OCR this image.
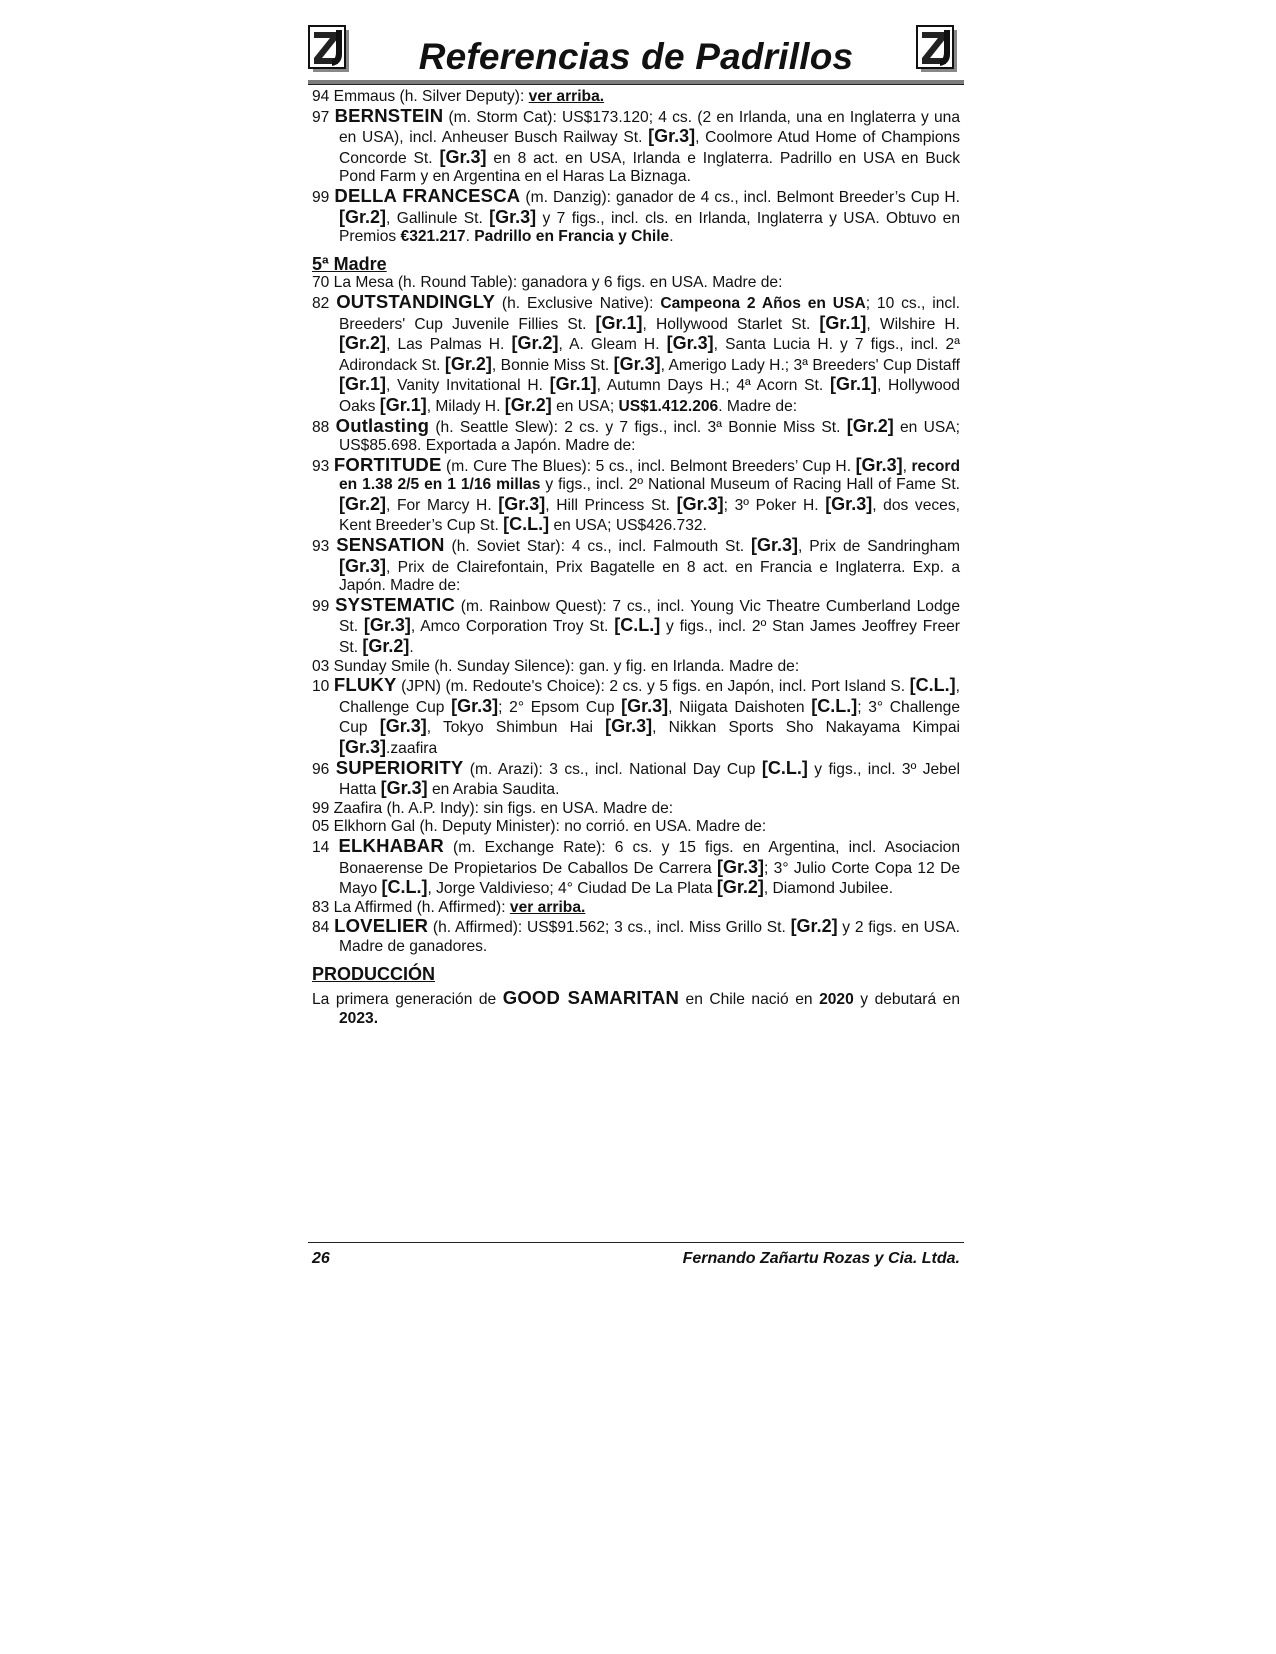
Referencias de Padrillos

94 Emmaus (h. Silver Deputy): ver arriba.

97 BERNSTEIN (m. Storm Cat): US$173.120; 4 cs. (2 en Irlanda, una en Inglaterra y una en USA), incl. Anheuser Busch Railway St. [Gr.3], Coolmore Atud Home of Champions Concorde St. [Gr.3] en 8 act. en USA, Irlanda e Inglaterra. Padrillo en USA en Buck Pond Farm y en Argentina en el Haras La Biznaga.

99 DELLA FRANCESCA (m. Danzig): ganador de 4 cs., incl. Belmont Breeder’s Cup H. [Gr.2], Gallinule St. [Gr.3] y 7 figs., incl. cls. en Irlanda, Inglaterra y USA. Obtuvo en Premios €321.217. Padrillo en Francia y Chile.

5ª Madre

70 La Mesa (h. Round Table): ganadora y 6 figs. en USA. Madre de:

82 OUTSTANDINGLY (h. Exclusive Native): Campeona 2 Años en USA; 10 cs., incl. Breeders' Cup Juvenile Fillies St. [Gr.1], Hollywood Starlet St. [Gr.1], Wilshire H. [Gr.2], Las Palmas H. [Gr.2], A. Gleam H. [Gr.3], Santa Lucia H. y 7 figs., incl. 2ª Adirondack St. [Gr.2], Bonnie Miss St. [Gr.3], Amerigo Lady H.; 3ª Breeders' Cup Distaff [Gr.1], Vanity Invitational H. [Gr.1], Autumn Days H.; 4ª Acorn St. [Gr.1], Hollywood Oaks [Gr.1], Milady H. [Gr.2] en USA; US$1.412.206. Madre de:

88 Outlasting (h. Seattle Slew): 2 cs. y 7 figs., incl. 3ª Bonnie Miss St. [Gr.2] en USA; US$85.698. Exportada a Japón. Madre de:

93 FORTITUDE (m. Cure The Blues): 5 cs., incl. Belmont Breeders’ Cup H. [Gr.3], record en 1.38 2/5 en 1 1/16 millas y figs., incl. 2º National Museum of Racing Hall of Fame St. [Gr.2], For Marcy H. [Gr.3], Hill Princess St. [Gr.3]; 3º Poker H. [Gr.3], dos veces, Kent Breeder’s Cup St. [C.L.] en USA; US$426.732.

93 SENSATION (h. Soviet Star): 4 cs., incl. Falmouth St. [Gr.3], Prix de Sandringham [Gr.3], Prix de Clairefontain, Prix Bagatelle en 8 act. en Francia e Inglaterra. Exp. a Japón. Madre de:

99 SYSTEMATIC (m. Rainbow Quest): 7 cs., incl. Young Vic Theatre Cumberland Lodge St. [Gr.3], Amco Corporation Troy St. [C.L.] y figs., incl. 2º Stan James Jeoffrey Freer St. [Gr.2].

03 Sunday Smile (h. Sunday Silence): gan. y fig. en Irlanda. Madre de:

10 FLUKY (JPN) (m. Redoute's Choice): 2 cs. y 5 figs. en Japón, incl. Port Island S. [C.L.], Challenge Cup [Gr.3]; 2° Epsom Cup [Gr.3], Niigata Daishoten [C.L.]; 3° Challenge Cup [Gr.3], Tokyo Shimbun Hai [Gr.3], Nikkan Sports Sho Nakayama Kimpai [Gr.3].zaafira

96 SUPERIORITY (m. Arazi): 3 cs., incl. National Day Cup [C.L.] y figs., incl. 3º Jebel Hatta [Gr.3] en Arabia Saudita.

99 Zaafira (h. A.P. Indy): sin figs. en USA. Madre de:

05 Elkhorn Gal (h. Deputy Minister): no corrió. en USA. Madre de:

14 ELKHABAR (m. Exchange Rate): 6 cs. y 15 figs. en Argentina, incl. Asociacion Bonaerense De Propietarios De Caballos De Carrera [Gr.3]; 3° Julio Corte Copa 12 De Mayo [C.L.], Jorge Valdivieso; 4° Ciudad De La Plata [Gr.2], Diamond Jubilee.

83 La Affirmed (h. Affirmed): ver arriba.

84 LOVELIER (h. Affirmed): US$91.562; 3 cs., incl. Miss Grillo St. [Gr.2] y 2 figs. en USA. Madre de ganadores.

PRODUCCIÓN

La primera generación de GOOD SAMARITAN en Chile nació en 2020 y debutará en 2023.

26	Fernando Zañartu Rozas y Cia. Ltda.
